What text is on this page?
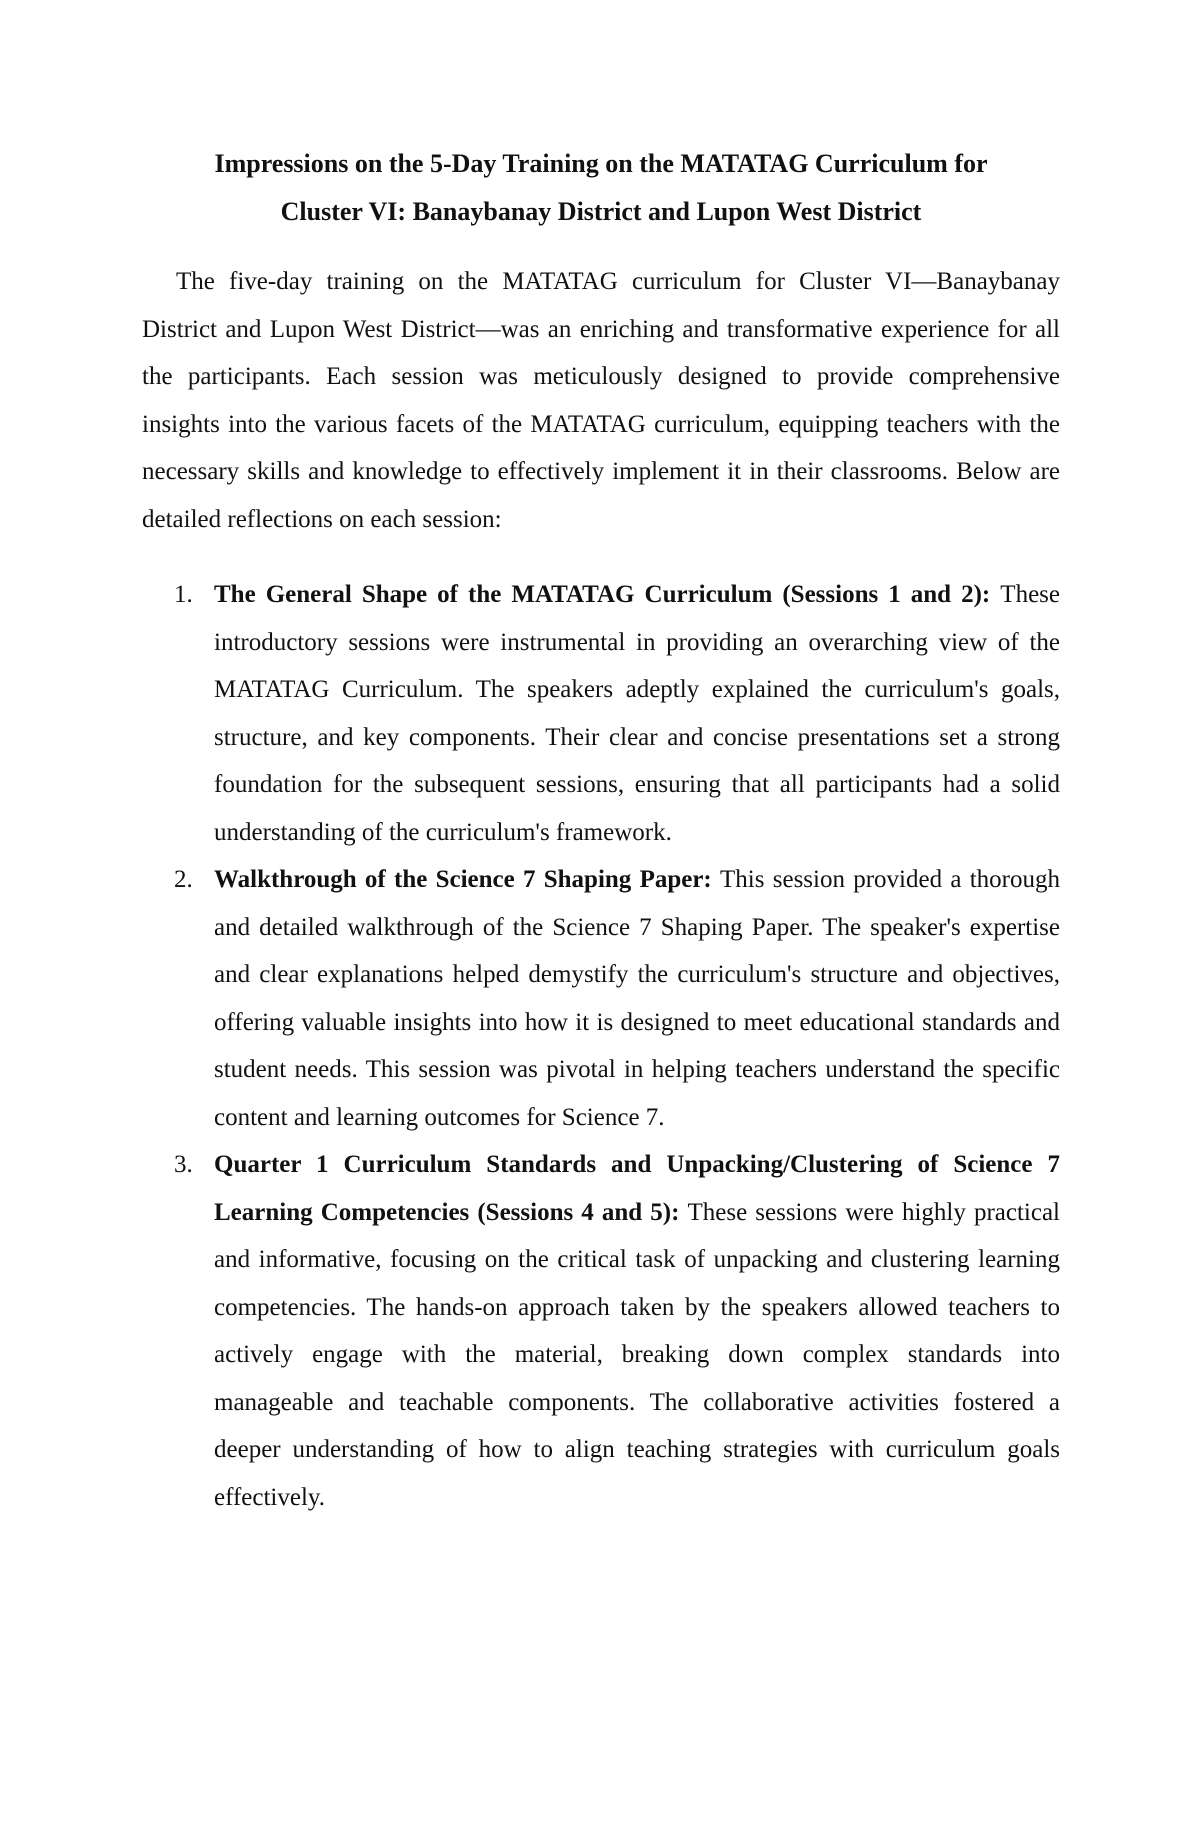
Impressions on the 5-Day Training on the MATATAG Curriculum for
Cluster VI: Banaybanay District and Lupon West District

The five-day training on the MATATAG curriculum for Cluster VI—Banaybanay District and Lupon West District—was an enriching and transformative experience for all the participants. Each session was meticulously designed to provide comprehensive insights into the various facets of the MATATAG curriculum, equipping teachers with the necessary skills and knowledge to effectively implement it in their classrooms. Below are detailed reflections on each session:

1. The General Shape of the MATATAG Curriculum (Sessions 1 and 2): These introductory sessions were instrumental in providing an overarching view of the MATATAG Curriculum. The speakers adeptly explained the curriculum's goals, structure, and key components. Their clear and concise presentations set a strong foundation for the subsequent sessions, ensuring that all participants had a solid understanding of the curriculum's framework.
2. Walkthrough of the Science 7 Shaping Paper: This session provided a thorough and detailed walkthrough of the Science 7 Shaping Paper. The speaker's expertise and clear explanations helped demystify the curriculum's structure and objectives, offering valuable insights into how it is designed to meet educational standards and student needs. This session was pivotal in helping teachers understand the specific content and learning outcomes for Science 7.
3. Quarter 1 Curriculum Standards and Unpacking/Clustering of Science 7 Learning Competencies (Sessions 4 and 5): These sessions were highly practical and informative, focusing on the critical task of unpacking and clustering learning competencies. The hands-on approach taken by the speakers allowed teachers to actively engage with the material, breaking down complex standards into manageable and teachable components. The collaborative activities fostered a deeper understanding of how to align teaching strategies with curriculum goals effectively.
